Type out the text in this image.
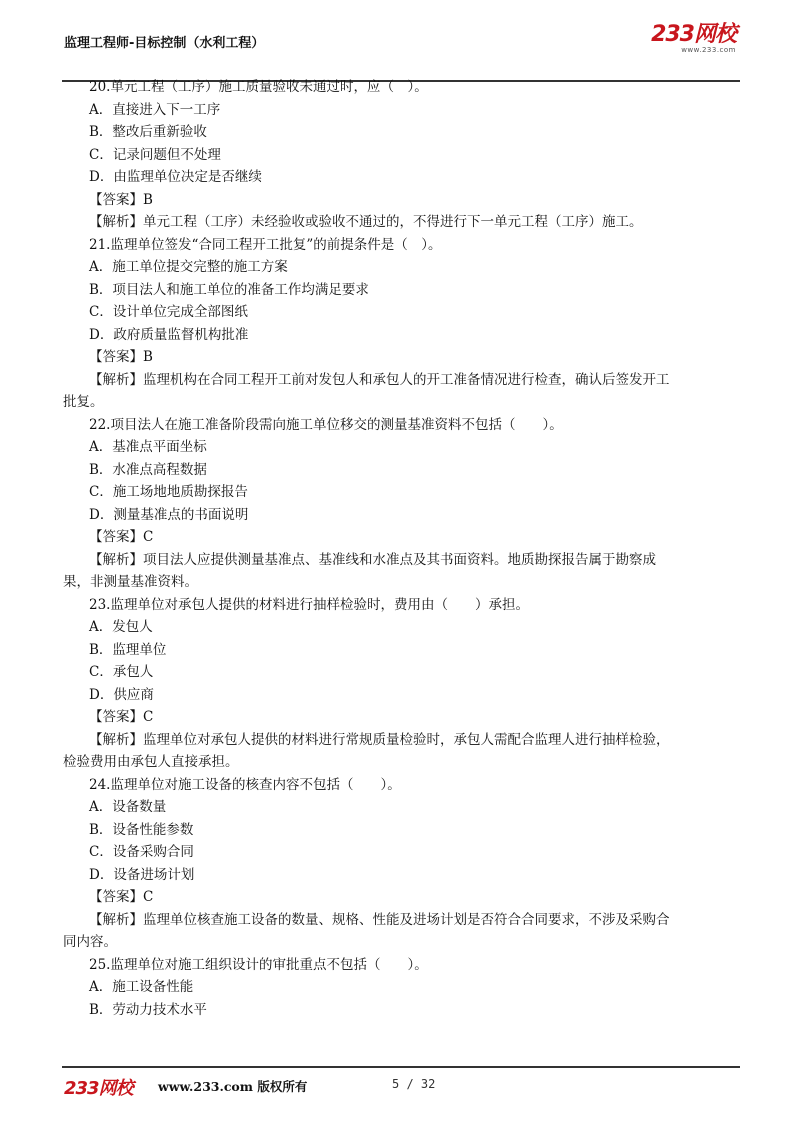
监理工程师-目标控制（水利工程）	233网校
www.233.com
20.单元工程（工序）施工质量验收未通过时，应（　）。
A．直接进入下一工序
B．整改后重新验收
C．记录问题但不处理
D．由监理单位决定是否继续
【答案】B
【解析】单元工程（工序）未经验收或验收不通过的，不得进行下一单元工程（工序）施工。
21.监理单位签发“合同工程开工批复”的前提条件是（　）。
A．施工单位提交完整的施工方案
B．项目法人和施工单位的准备工作均满足要求
C．设计单位完成全部图纸
D．政府质量监督机构批准
【答案】B
【解析】监理机构在合同工程开工前对发包人和承包人的开工准备情况进行检查，确认后签发开工
批复。
22.项目法人在施工准备阶段需向施工单位移交的测量基准资料不包括（　　）。
A．基准点平面坐标
B．水准点高程数据
C．施工场地地质勘探报告
D．测量基准点的书面说明
【答案】C
【解析】项目法人应提供测量基准点、基准线和水准点及其书面资料。地质勘探报告属于勘察成
果，非测量基准资料。
23.监理单位对承包人提供的材料进行抽样检验时，费用由（　　）承担。
A．发包人
B．监理单位
C．承包人
D．供应商
【答案】C
【解析】监理单位对承包人提供的材料进行常规质量检验时，承包人需配合监理人进行抽样检验，
检验费用由承包人直接承担。
24.监理单位对施工设备的核查内容不包括（　　）。
A．设备数量
B．设备性能参数
C．设备采购合同
D．设备进场计划
【答案】C
【解析】监理单位核查施工设备的数量、规格、性能及进场计划是否符合合同要求，不涉及采购合
同内容。
25.监理单位对施工组织设计的审批重点不包括（　　）。
A．施工设备性能
B．劳动力技术水平
233网校 www.233.com 版权所有	5 / 32
